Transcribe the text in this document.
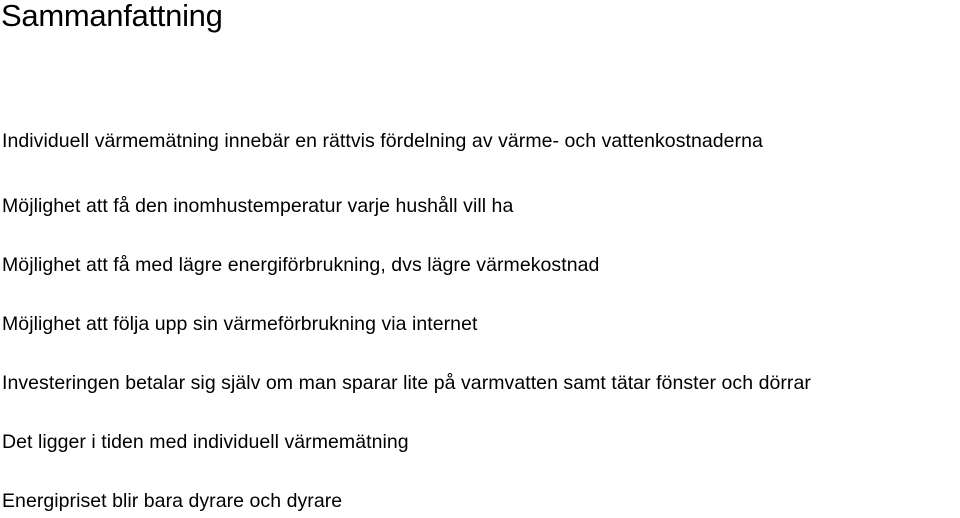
Sammanfattning
Individuell värmemätning innebär en rättvis fördelning av värme- och vattenkostnaderna
Möjlighet att få den inomhustemperatur varje hushåll vill ha
Möjlighet att få med lägre energiförbrukning, dvs lägre värmekostnad
Möjlighet att följa upp sin värmeförbrukning via internet
Investeringen betalar sig själv om man sparar lite på varmvatten samt tätar fönster och dörrar
Det ligger i tiden med individuell värmemätning
Energipriset blir bara dyrare och dyrare
